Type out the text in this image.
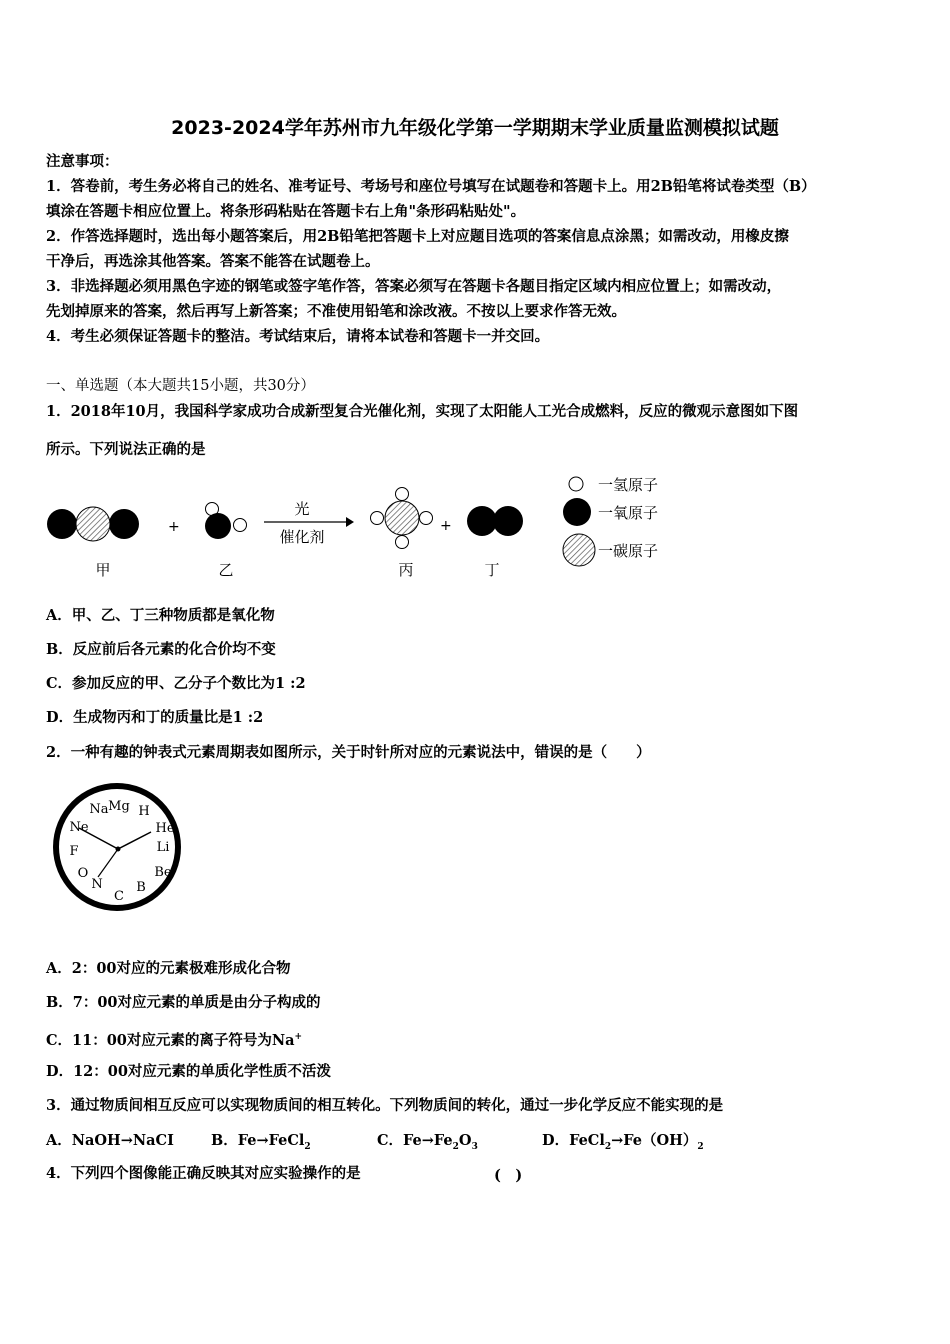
2023-2024学年苏州市九年级化学第一学期期末学业质量监测模拟试题
注意事项：
1．答卷前，考生务必将自己的姓名、准考证号、考场号和座位号填写在试题卷和答题卡上。用2B铅笔将试卷类型（B）
填涂在答题卡相应位置上。将条形码粘贴在答题卡右上角"条形码粘贴处"。
2．作答选择题时，选出每小题答案后，用2B铅笔把答题卡上对应题目选项的答案信息点涂黑；如需改动，用橡皮擦
干净后，再选涂其他答案。答案不能答在试题卷上。
3．非选择题必须用黑色字迹的钢笔或签字笔作答，答案必须写在答题卡各题目指定区域内相应位置上；如需改动，
先划掉原来的答案，然后再写上新答案；不准使用铅笔和涂改液。不按以上要求作答无效。
4．考生必须保证答题卡的整洁。考试结束后，请将本试卷和答题卡一并交回。
一、单选题（本大题共15小题，共30分）
1．2018年10月，我国科学家成功合成新型复合光催化剂，实现了太阳能人工光合成燃料，反应的微观示意图如下图
所示。下列说法正确的是
+
光
催化剂
+
甲	乙	丙	丁
一氢原子
一氧原子
一碳原子
A．甲、乙、丁三种物质都是氧化物
B．反应前后各元素的化合价均不变
C．参加反应的甲、乙分子个数比为1 :2
D．生成物丙和丁的质量比是1 :2
2．一种有趣的钟表式元素周期表如图所示，关于时针所对应的元素说法中，错误的是（　　）
Mg
Na H
Ne	He
F	Li
O	Be
N	B
C
A．2：00对应的元素极难形成化合物
B．7：00对应元素的单质是由分子构成的
C．11：00对应元素的离子符号为Na+
D．12：00对应元素的单质化学性质不活泼
3．通过物质间相互反应可以实现物质间的相互转化。下列物质间的转化，通过一步化学反应不能实现的是
A．NaOH→NaCI	B．Fe→FeCl$_2$	C．$Fe\to Fe_2O_3$	D．$FeCl_2\to Fe(OH)_2$
4．下列四个图像能正确反映其对应实验操作的是	(　)
